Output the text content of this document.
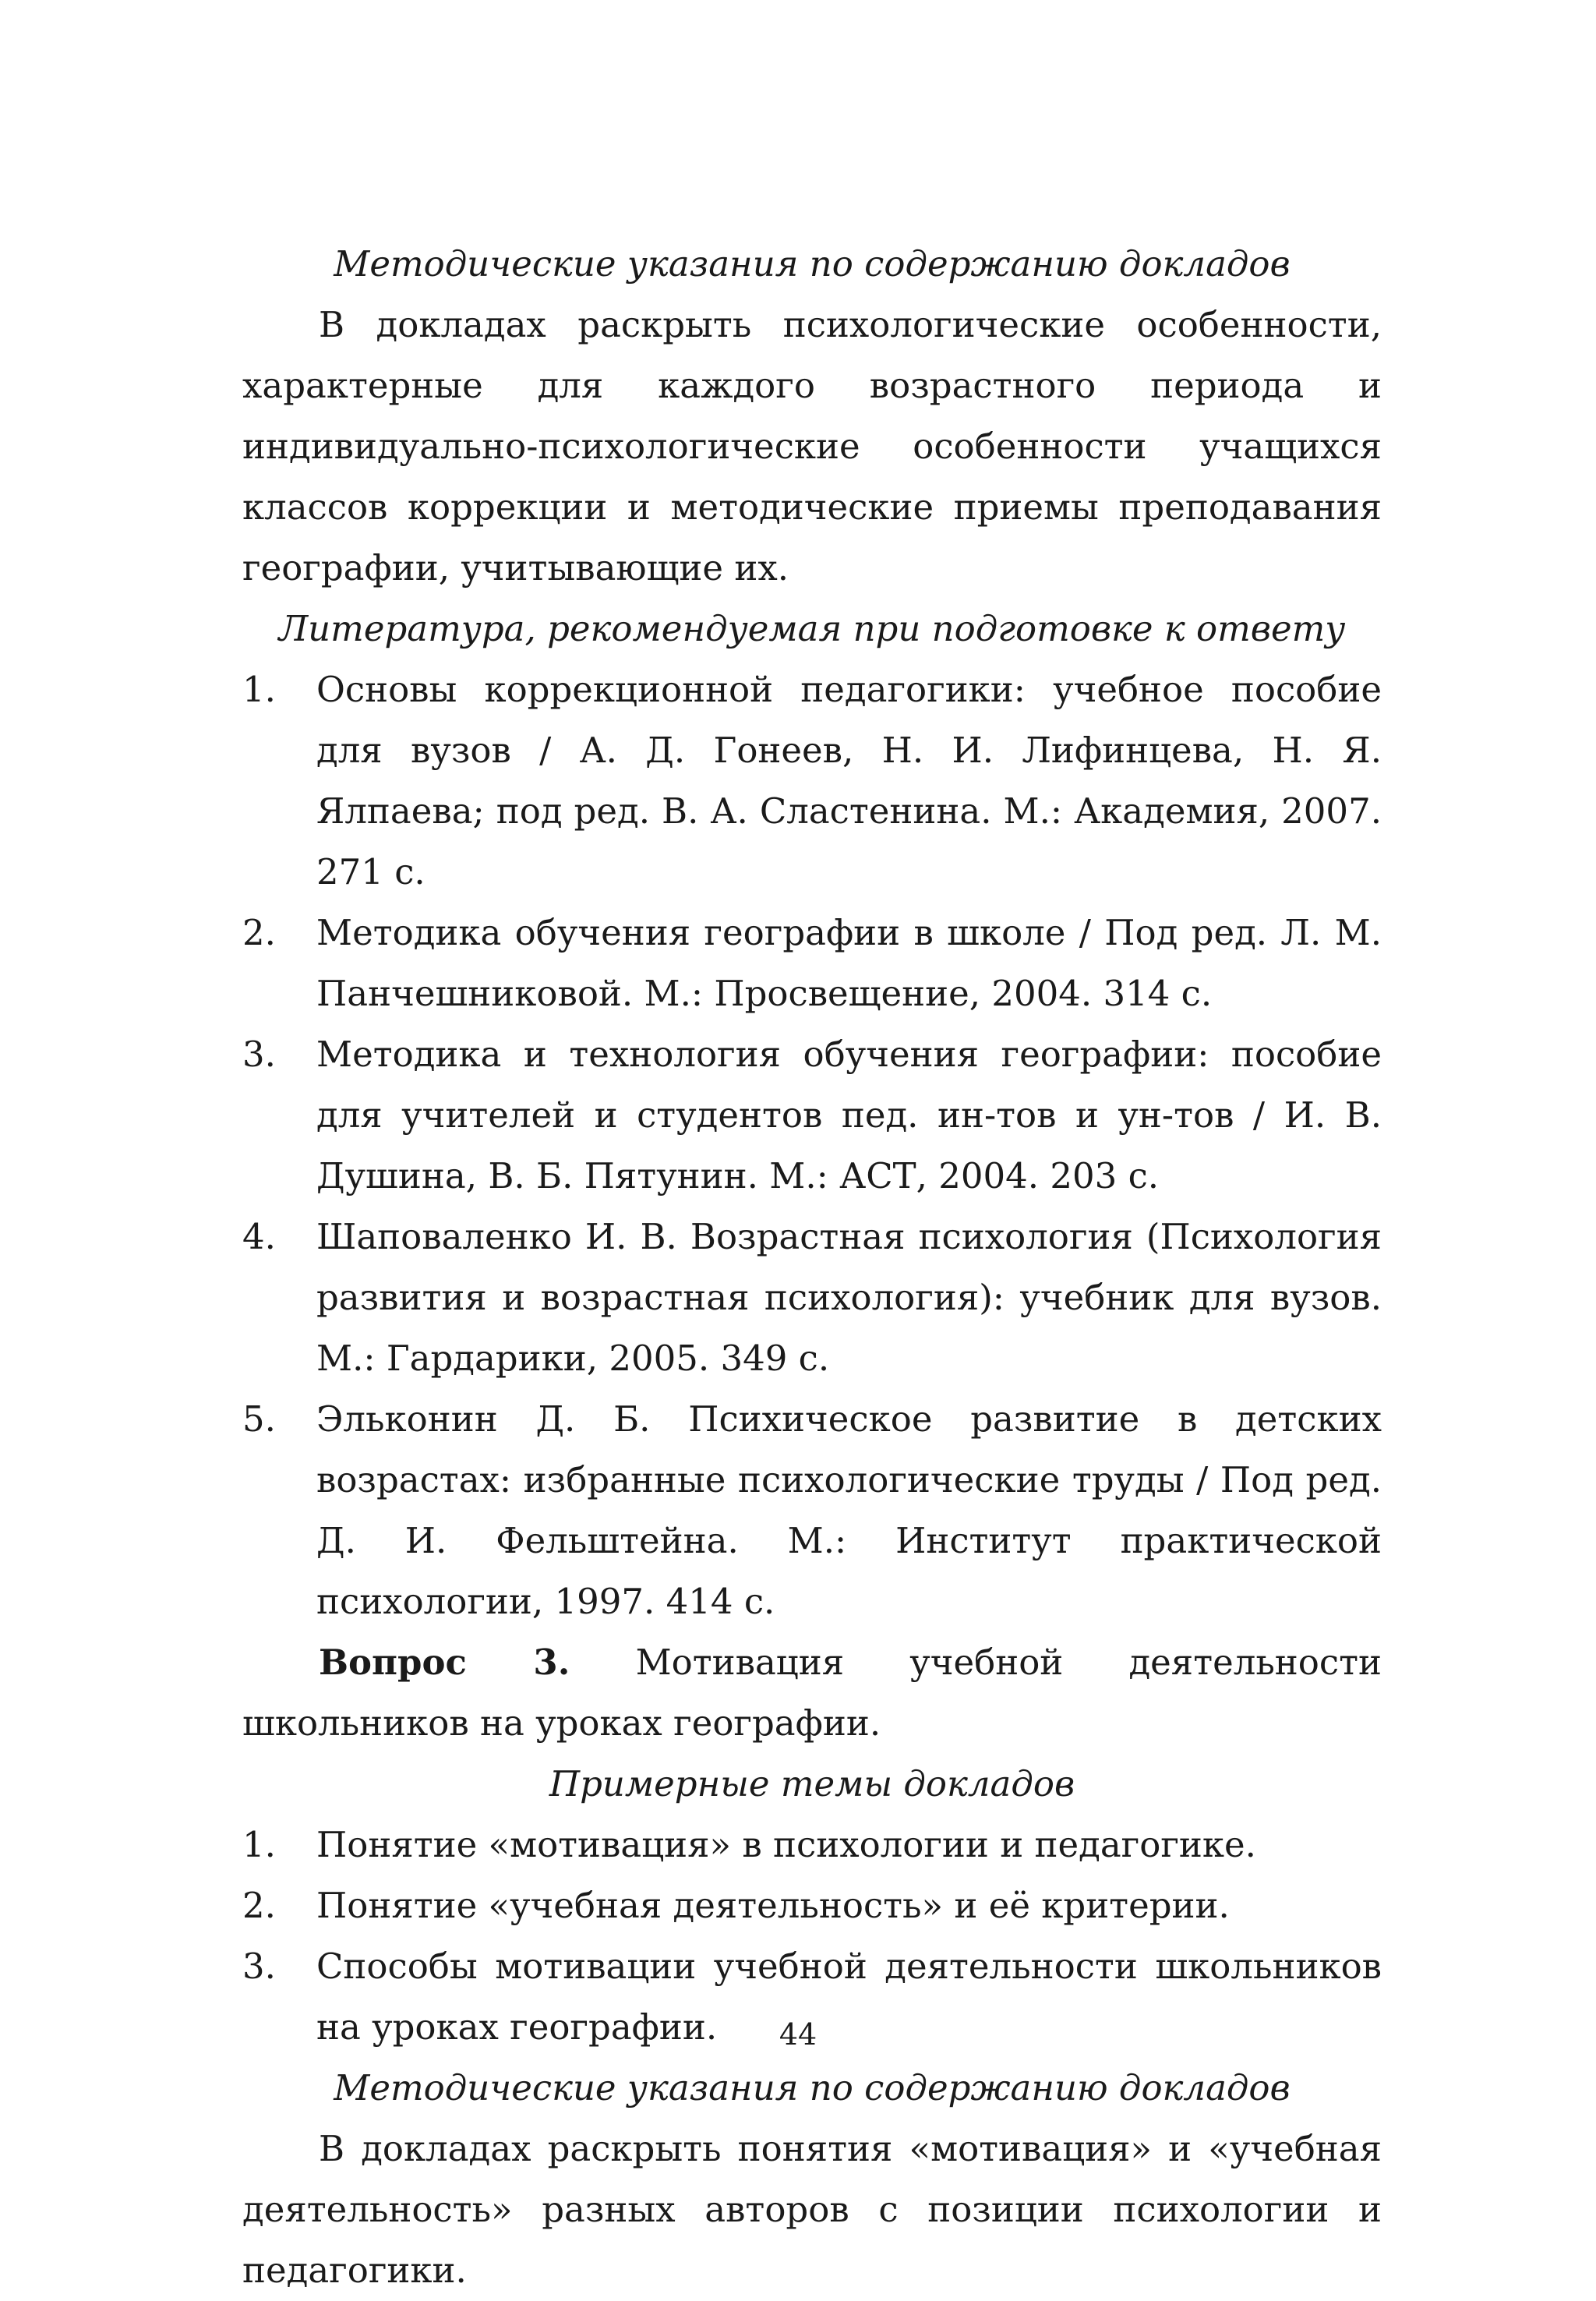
Методические указания по содержанию докладов

В докладах раскрыть психологические особенности, характерные для каждого возрастного периода и индивидуально-психологические особенности учащихся классов коррекции и методические приемы преподавания географии, учитывающие их.

Литература, рекомендуемая при подготовке к ответу

1. Основы коррекционной педагогики: учебное пособие для вузов / А. Д. Гонеев, Н. И. Лифинцева, Н. Я. Ялпаева; под ред. В. А. Сластенина. М.: Академия, 2007. 271 с.
2. Методика обучения географии в школе / Под ред. Л. М. Панчешниковой. М.: Просвещение, 2004. 314 с.
3. Методика и технология обучения географии: пособие для учителей и студентов пед. ин-тов и ун-тов / И. В. Душина, В. Б. Пятунин. М.: АСТ, 2004. 203 с.
4. Шаповаленко И. В. Возрастная психология (Психология развития и возрастная психология): учебник для вузов. М.: Гардарики, 2005. 349 с.
5. Эльконин Д. Б. Психическое развитие в детских возрастах: избранные психологические труды / Под ред. Д. И. Фельштейна. М.: Институт практической психологии, 1997. 414 с.

Вопрос 3. Мотивация учебной деятельности школьников на уроках географии.

Примерные темы докладов

1. Понятие «мотивация» в психологии и педагогике.
2. Понятие «учебная деятельность» и её критерии.
3. Способы мотивации учебной деятельности школьников на уроках географии.

Методические указания по содержанию докладов

В докладах раскрыть понятия «мотивация» и «учебная деятельность» разных авторов с позиции психологии и педагогики.

44
